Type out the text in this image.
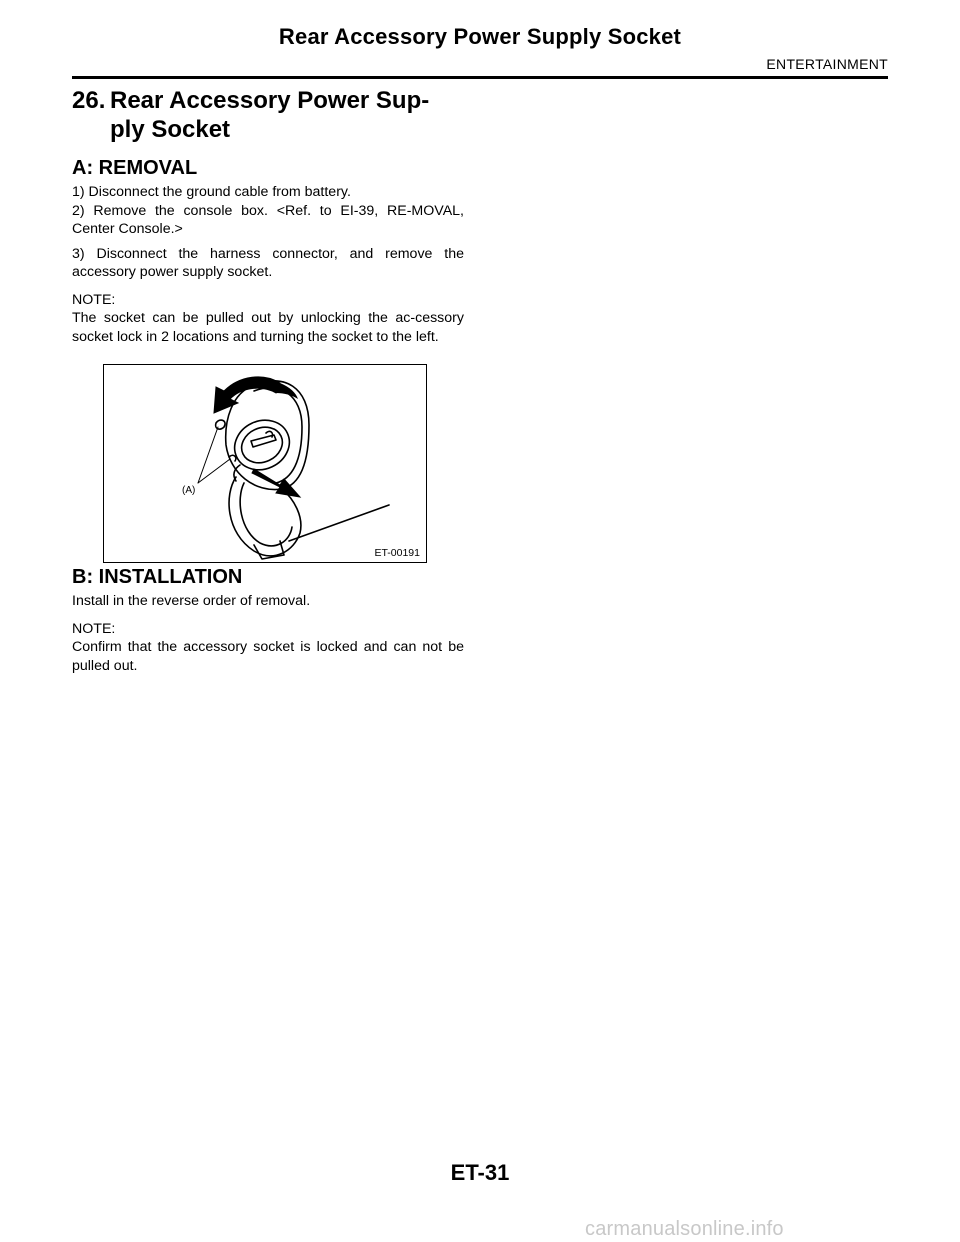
Rear Accessory Power Supply Socket
ENTERTAINMENT
26. Rear Accessory Power Sup-
ply Socket
A: REMOVAL

1) Disconnect the ground cable from battery.

2) Remove the console box. <Ref. to EI-39, RE-MOVAL, Center Console.>

3) Disconnect the harness connector, and remove the accessory power supply socket.

NOTE:

The socket can be pulled out by unlocking the ac-cessory socket lock in 2 locations and turning the socket to the left.

(A)
ET-00191
B: INSTALLATION

Install in the reverse order of removal.

NOTE:

Confirm that the accessory socket is locked and can not be pulled out.

ET-31
carmanualsonline.info
